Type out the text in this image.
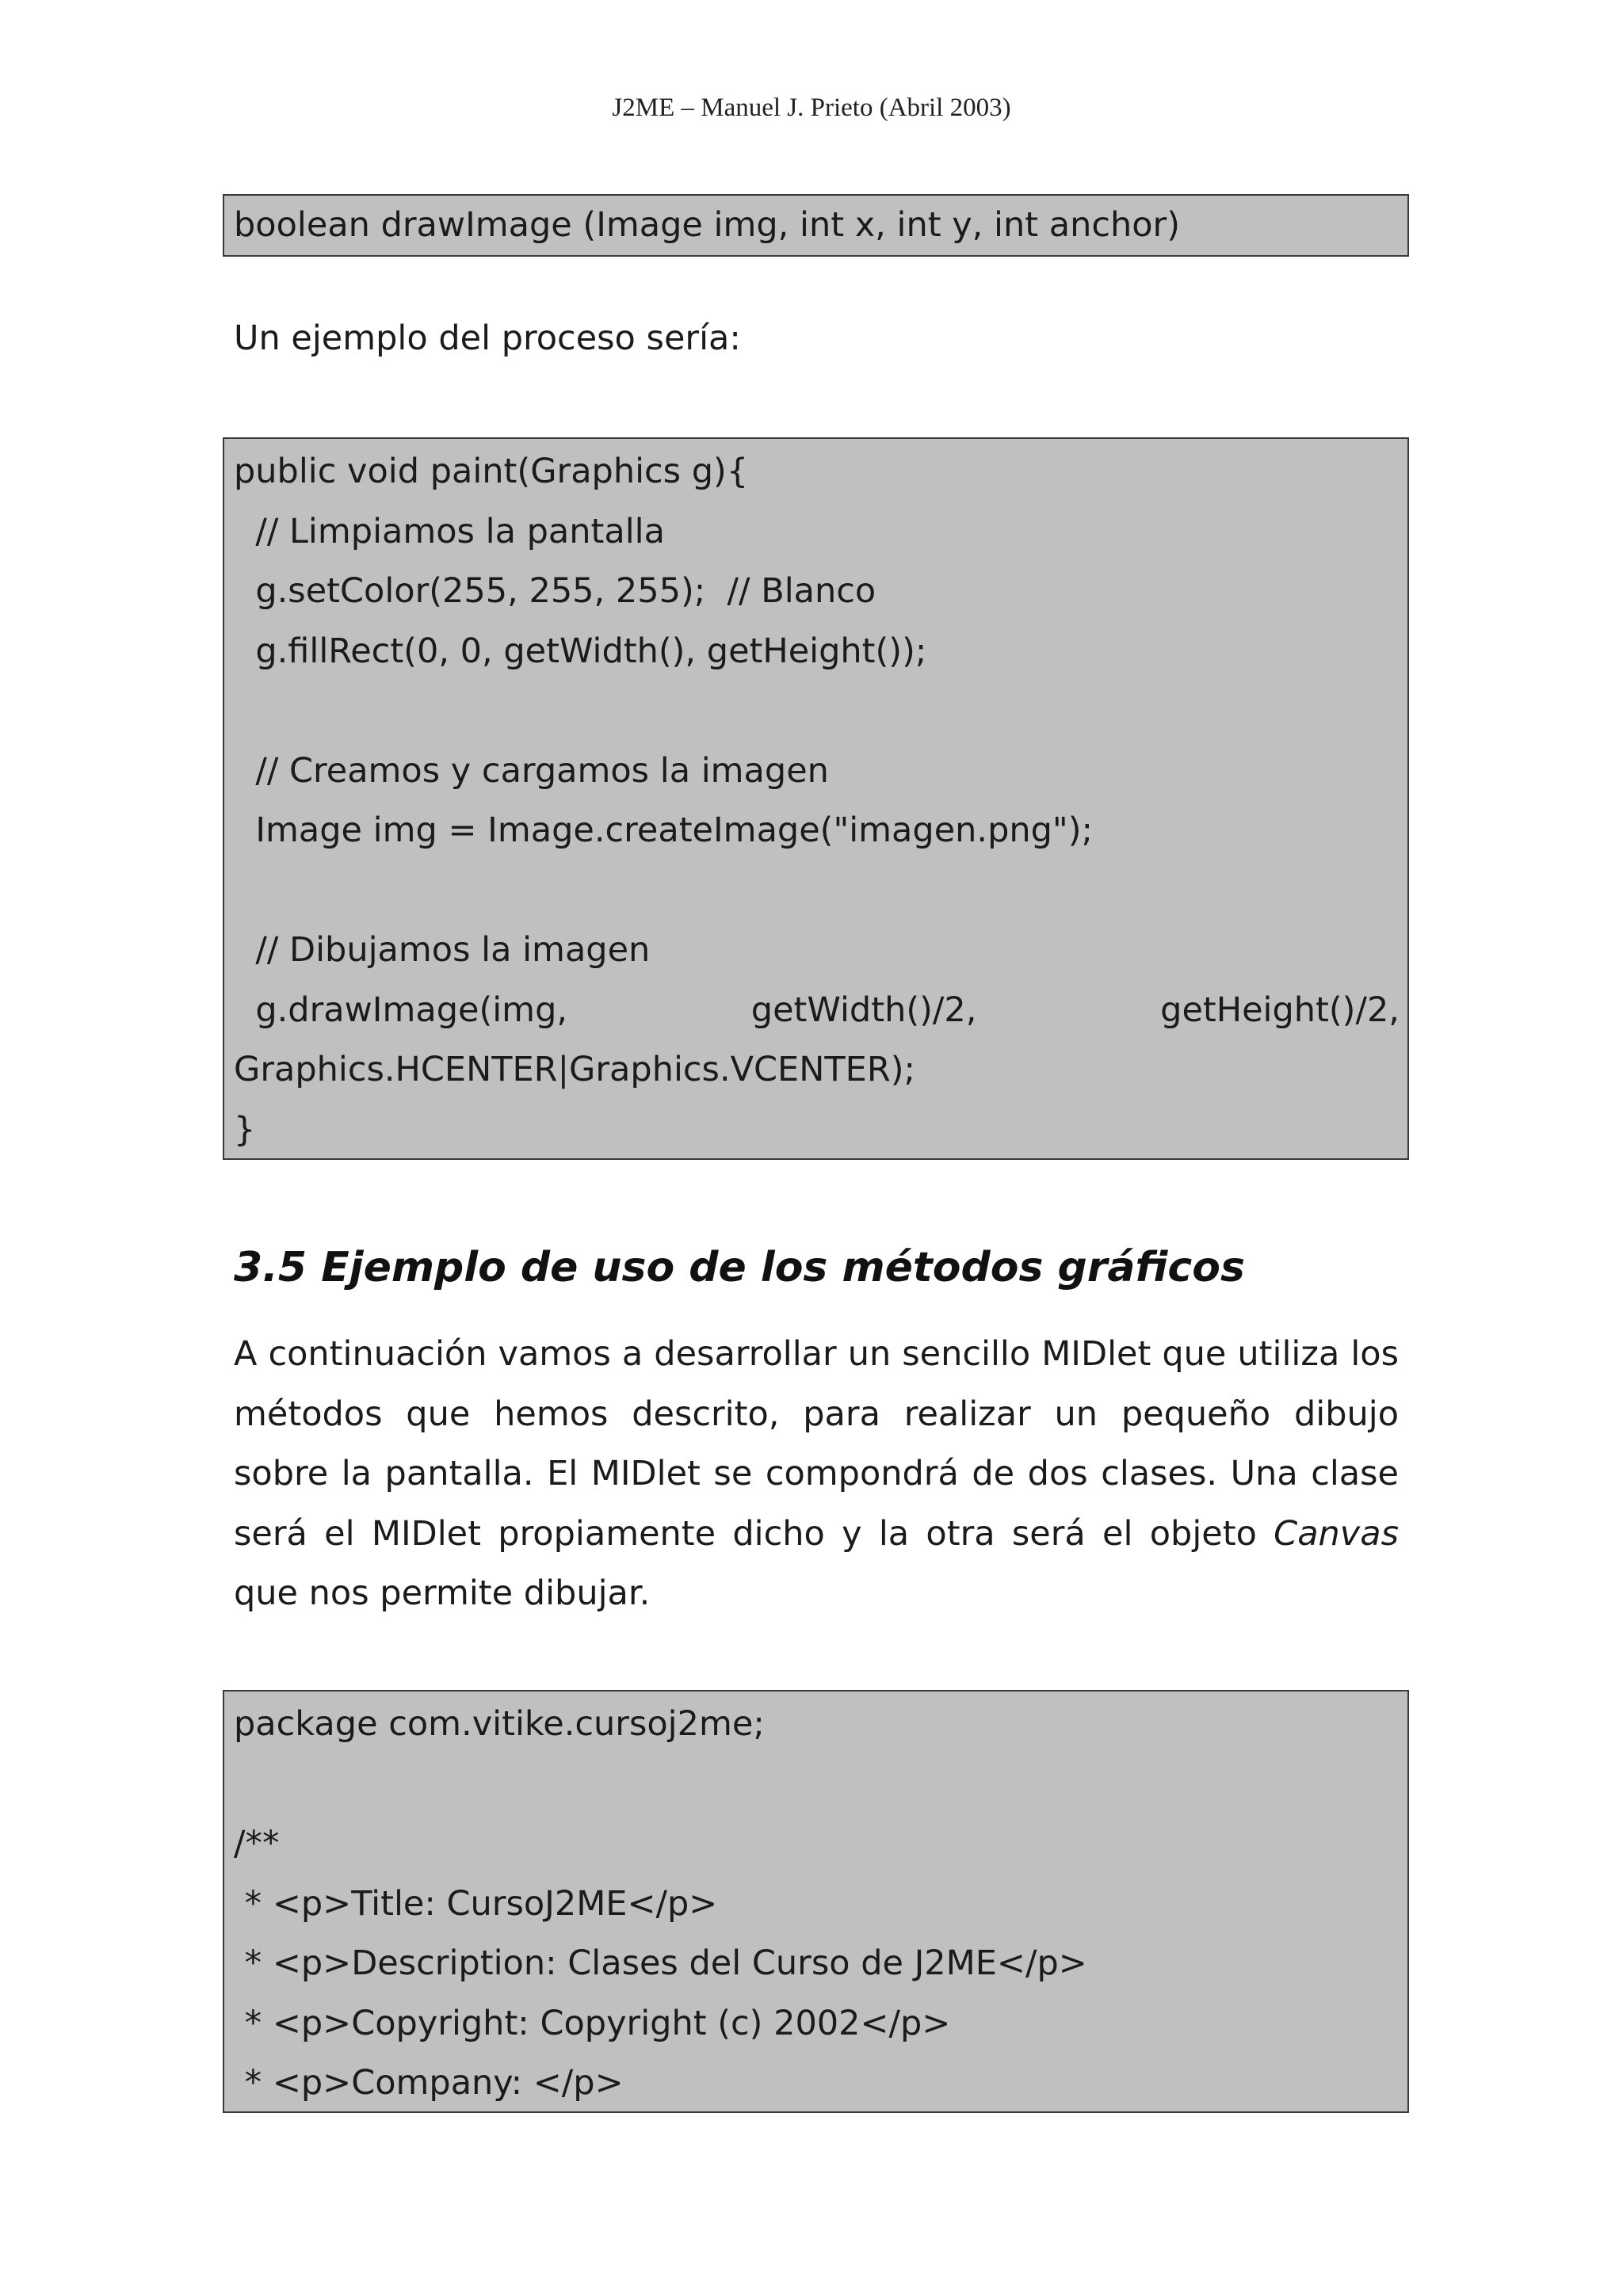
J2ME – Manuel J. Prieto (Abril 2003)
boolean drawImage (Image img, int x, int y, int anchor)
Un ejemplo del proceso sería:
public void paint(Graphics g){
// Limpiamos la pantalla
g.setColor(255, 255, 255);  // Blanco
g.fillRect(0, 0, getWidth(), getHeight());
// Creamos y cargamos la imagen
Image img = Image.createImage("imagen.png");
// Dibujamos la imagen
g.drawImage(img,	getWidth()/2,	getHeight()/2,
Graphics.HCENTER|Graphics.VCENTER);
}
3.5 Ejemplo de uso de los métodos gráficos
A continuación vamos a desarrollar un sencillo MIDlet que utiliza los métodos que hemos descrito, para realizar un pequeño dibujo sobre la pantalla. El MIDlet se compondrá de dos clases. Una clase será el MIDlet propiamente dicho y la otra será el objeto Canvas que nos permite dibujar.
package com.vitike.cursoj2me;
/**
* <p>Title: CursoJ2ME</p>
* <p>Description: Clases del Curso de J2ME</p>
* <p>Copyright: Copyright (c) 2002</p>
* <p>Company: </p>
